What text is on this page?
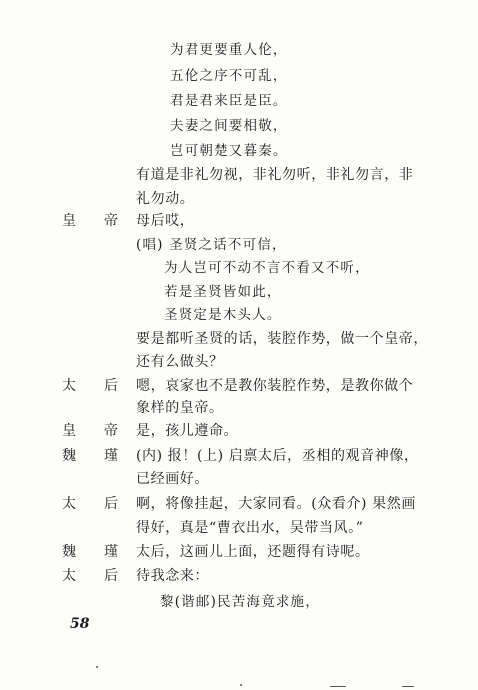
为君更要重人伦，
五伦之序不可乱，
君是君来臣是臣。
夫妻之间要相敬，
岂可朝楚又暮秦。
有道是非礼勿视，非礼勿听，非礼勿言，非
礼勿动。
皇 帝 母后哎，
(唱) 圣贤之话不可信，
为人岂可不动不言不看又不听，
若是圣贤皆如此，
圣贤定是木头人。
要是都听圣贤的话，装腔作势，做一个皇帝，
还有么做头？
太 后 嗯，哀家也不是教你装腔作势，是教你做个
象样的皇帝。
皇 帝 是，孩儿遵命。
魏 瑾 (内) 报！(上) 启禀太后，丞相的观音神像，
已经画好。
太 后 啊，将像挂起，大家同看。(众看介) 果然画
得好，真是“曹衣出水，吴带当风。”
魏 瑾 太后，这画儿上面，还题得有诗呢。
太 后 待我念来：
黎(谐邮)民苦海竟求施，
58
